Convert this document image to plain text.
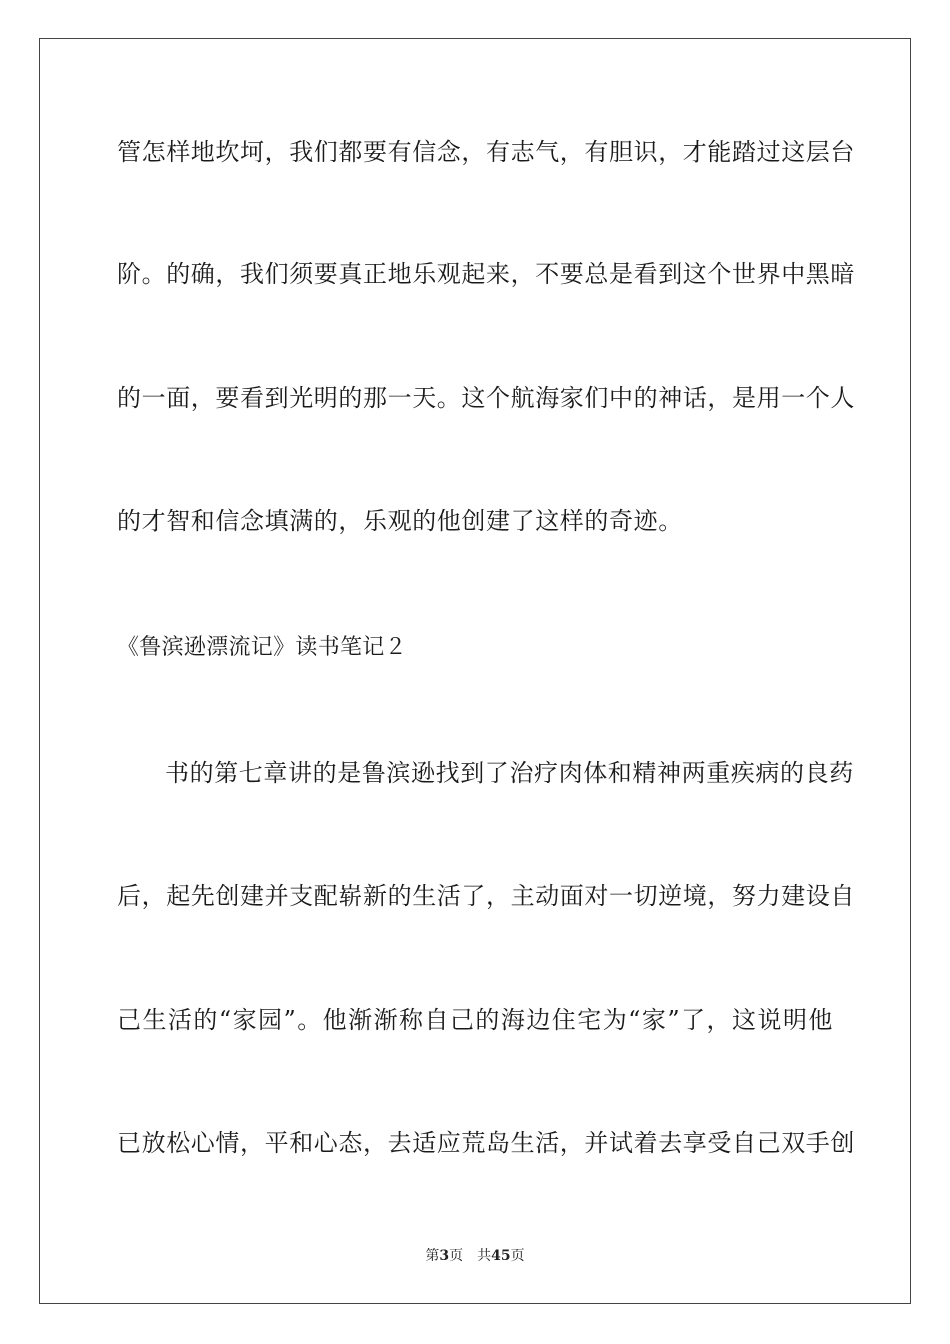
管怎样地坎坷，我们都要有信念，有志气，有胆识，才能踏过这层台
阶。的确，我们须要真正地乐观起来，不要总是看到这个世界中黑暗
的一面，要看到光明的那一天。这个航海家们中的神话，是用一个人
的才智和信念填满的，乐观的他创建了这样的奇迹。
《鲁滨逊漂流记》读书笔记２
书的第七章讲的是鲁滨逊找到了治疗肉体和精神两重疾病的良药
后，起先创建并支配崭新的生活了，主动面对一切逆境，努力建设自
己生活的“家园”。他渐渐称自己的海边住宅为“家”了，这说明他
已放松心情，平和心态，去适应荒岛生活，并试着去享受自己双手创
第3页 共45页
